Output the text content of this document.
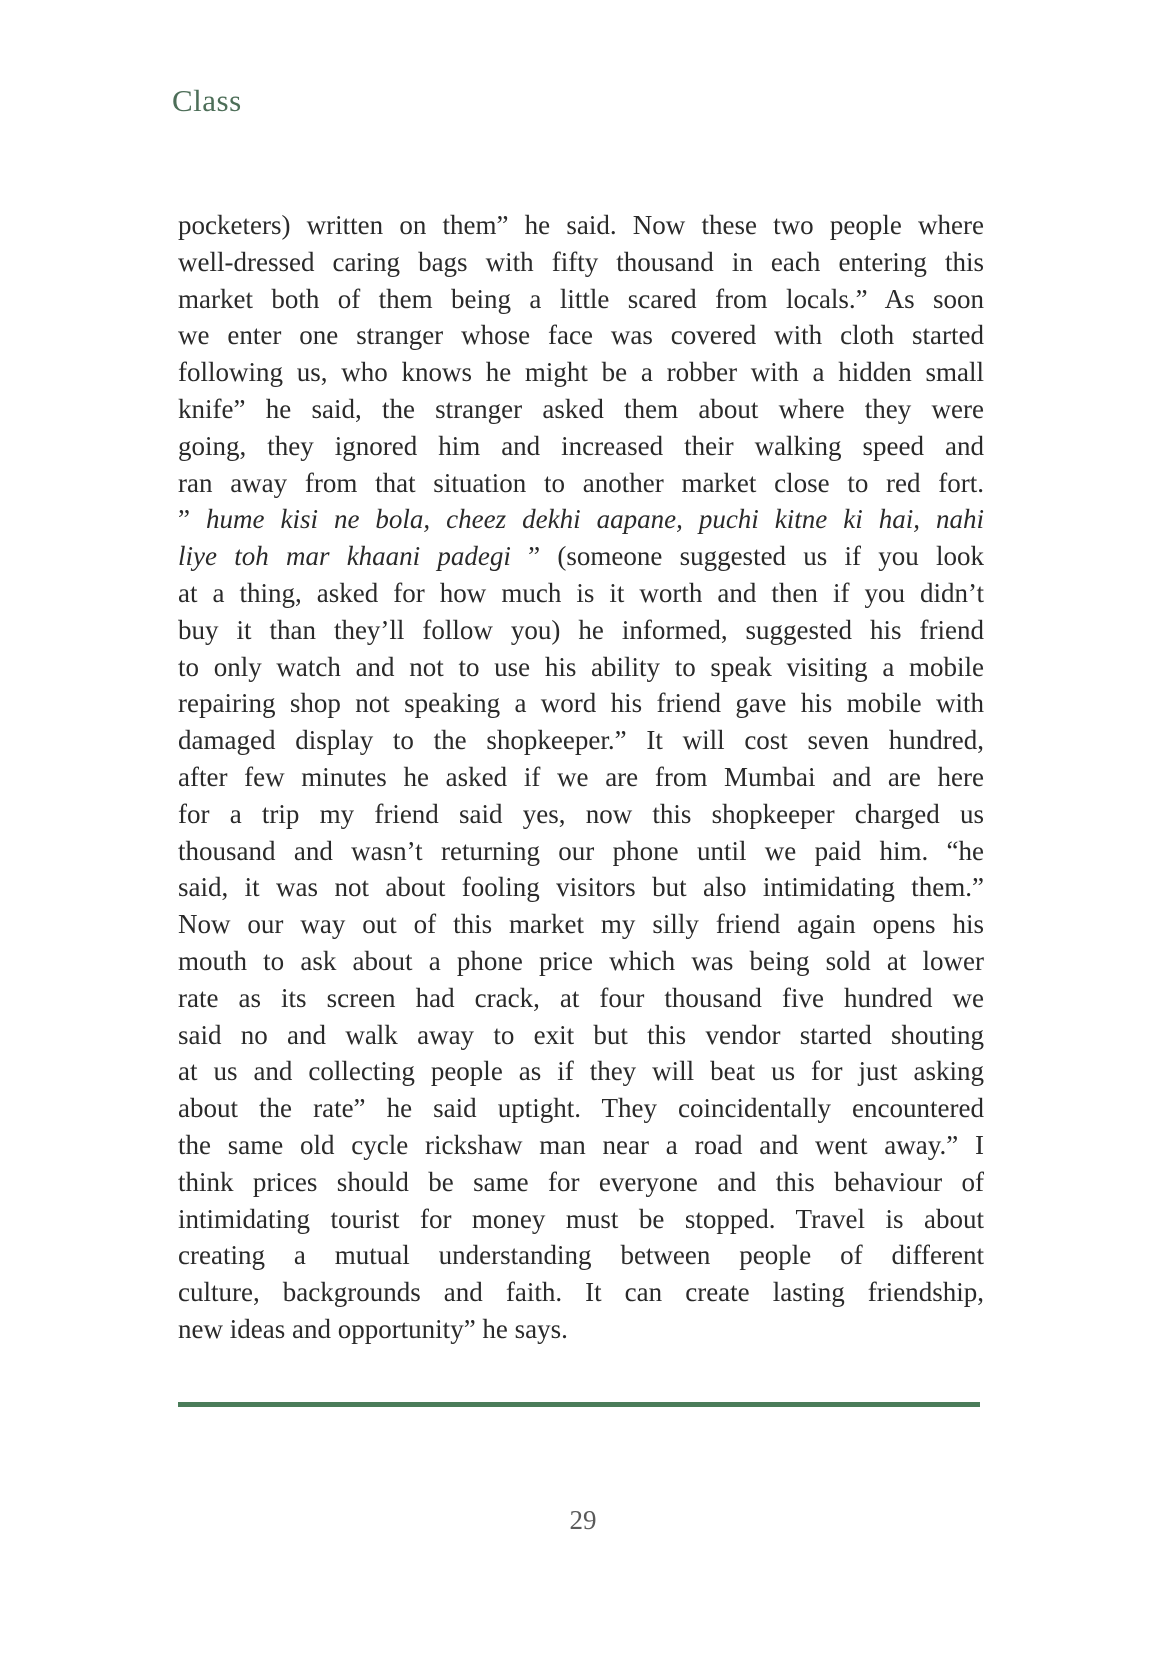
Class
pocketers) written on them” he said. Now these two people where
well-dressed caring bags with fifty thousand in each entering this
market both of them being a little scared from locals.” As soon
we enter one stranger whose face was covered with cloth started
following us, who knows he might be a robber with a hidden small
knife” he said, the stranger asked them about where they were
going, they ignored him and increased their walking speed and
ran away from that situation to another market close to red fort.
” hume kisi ne bola, cheez dekhi aapane, puchi kitne ki hai, nahi
liye toh mar khaani padegi ” (someone suggested us if you look
at a thing, asked for how much is it worth and then if you didn’t
buy it than they’ll follow you) he informed, suggested his friend
to only watch and not to use his ability to speak visiting a mobile
repairing shop not speaking a word his friend gave his mobile with
damaged display to the shopkeeper.” It will cost seven hundred,
after few minutes he asked if we are from Mumbai and are here
for a trip my friend said yes, now this shopkeeper charged us
thousand and wasn’t returning our phone until we paid him. “he
said, it was not about fooling visitors but also intimidating them.”
Now our way out of this market my silly friend again opens his
mouth to ask about a phone price which was being sold at lower
rate as its screen had crack, at four thousand five hundred we
said no and walk away to exit but this vendor started shouting
at us and collecting people as if they will beat us for just asking
about the rate” he said uptight. They coincidentally encountered
the same old cycle rickshaw man near a road and went away.” I
think prices should be same for everyone and this behaviour of
intimidating tourist for money must be stopped. Travel is about
creating a mutual understanding between people of different
culture, backgrounds and faith. It can create lasting friendship,
new ideas and opportunity” he says.
29
